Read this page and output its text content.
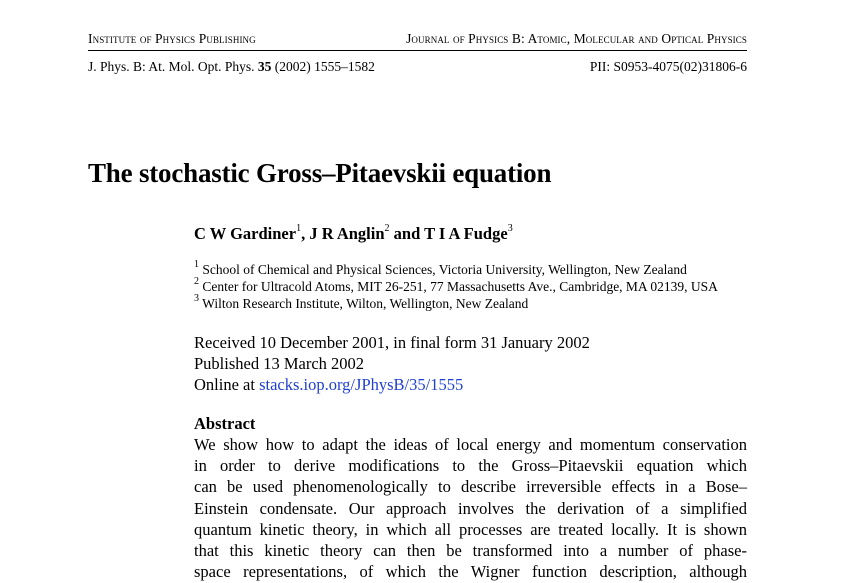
Institute of Physics Publishing	Journal of Physics B: Atomic, Molecular and Optical Physics
J. Phys. B: At. Mol. Opt. Phys. 35 (2002) 1555–1582	PII: S0953-4075(02)31806-6
The stochastic Gross–Pitaevskii equation
C W Gardiner$^1$, J R Anglin$^2$ and T I A Fudge$^3$
$^1$ School of Chemical and Physical Sciences, Victoria University, Wellington, New Zealand
$^2$ Center for Ultracold Atoms, MIT 26-251, 77 Massachusetts Ave., Cambridge, MA 02139, USA
$^3$ Wilton Research Institute, Wilton, Wellington, New Zealand
Received 10 December 2001, in final form 31 January 2002
Published 13 March 2002
Online at stacks.iop.org/JPhysB/35/1555
Abstract
We show how to adapt the ideas of local energy and momentum conservation
in order to derive modifications to the Gross–Pitaevskii equation which
can be used phenomenologically to describe irreversible effects in a Bose–
Einstein condensate. Our approach involves the derivation of a simplified
quantum kinetic theory, in which all processes are treated locally. It is shown
that this kinetic theory can then be transformed into a number of phase-
space representations, of which the Wigner function description, although
